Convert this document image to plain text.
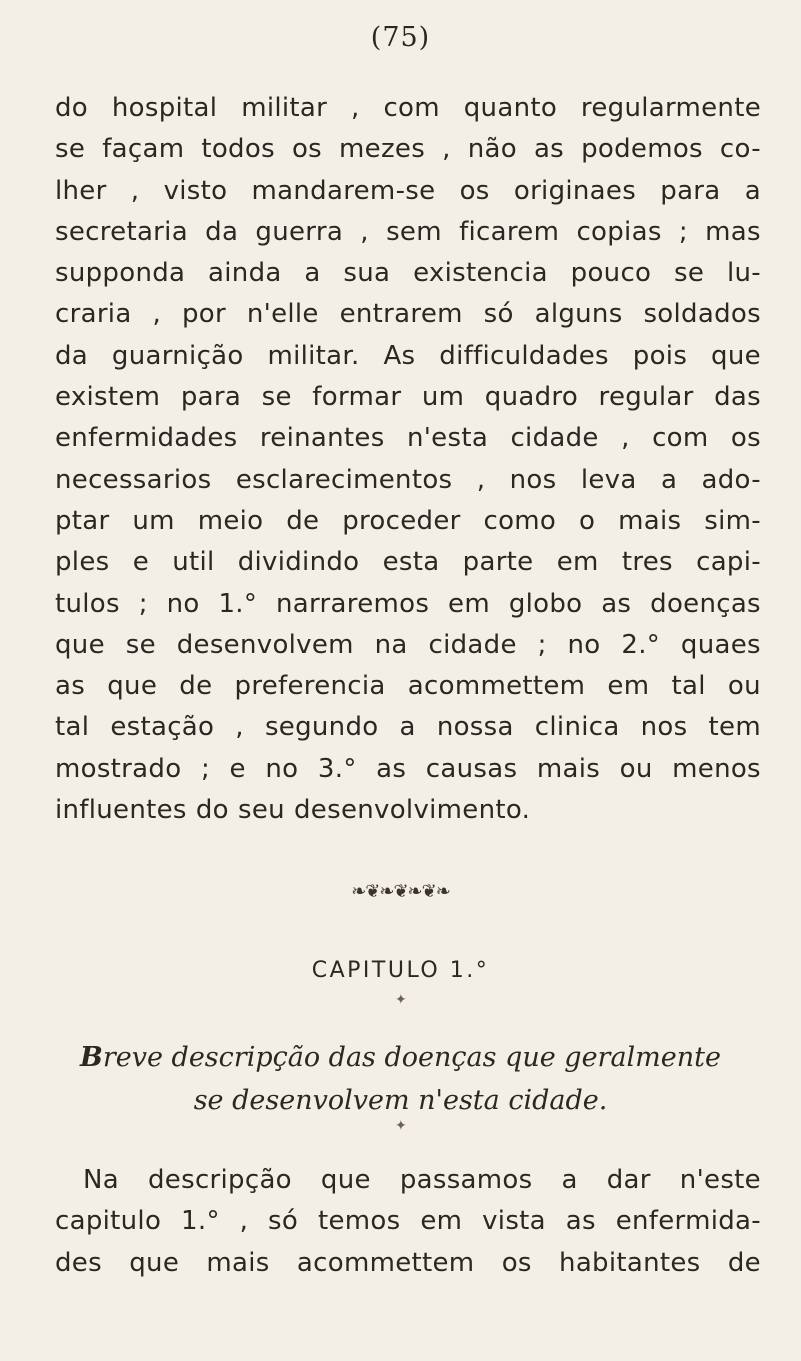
(75)
do hospital militar , com quanto regularmente
se façam todos os mezes , não as podemos co-
lher , visto mandarem-se os originaes para a
secretaria da guerra , sem ficarem copias ; mas
supponda ainda a sua existencia pouco se lu-
craria , por n'elle entrarem só alguns soldados
da guarnição militar. As difficuldades pois que
existem para se formar um quadro regular das
enfermidades reinantes n'esta cidade , com os
necessarios esclarecimentos , nos leva a ado-
ptar um meio de proceder como o mais sim-
ples e util dividindo esta parte em tres capi-
tulos ; no 1.° narraremos em globo as doenças
que se desenvolvem na cidade ; no 2.° quaes
as que de preferencia acommettem em tal ou
tal estação , segundo a nossa clinica nos tem
mostrado ; e no 3.° as causas mais ou menos
influentes do seu desenvolvimento.
❧❦❧❦❧❦❧
CAPITULO 1.°
✦
Breve descripção das doenças que geralmente
se desenvolvem n'esta cidade.
✦
Na descripção que passamos a dar n'este
capitulo 1.° , só temos em vista as enfermida-
des que mais acommettem os habitantes de
